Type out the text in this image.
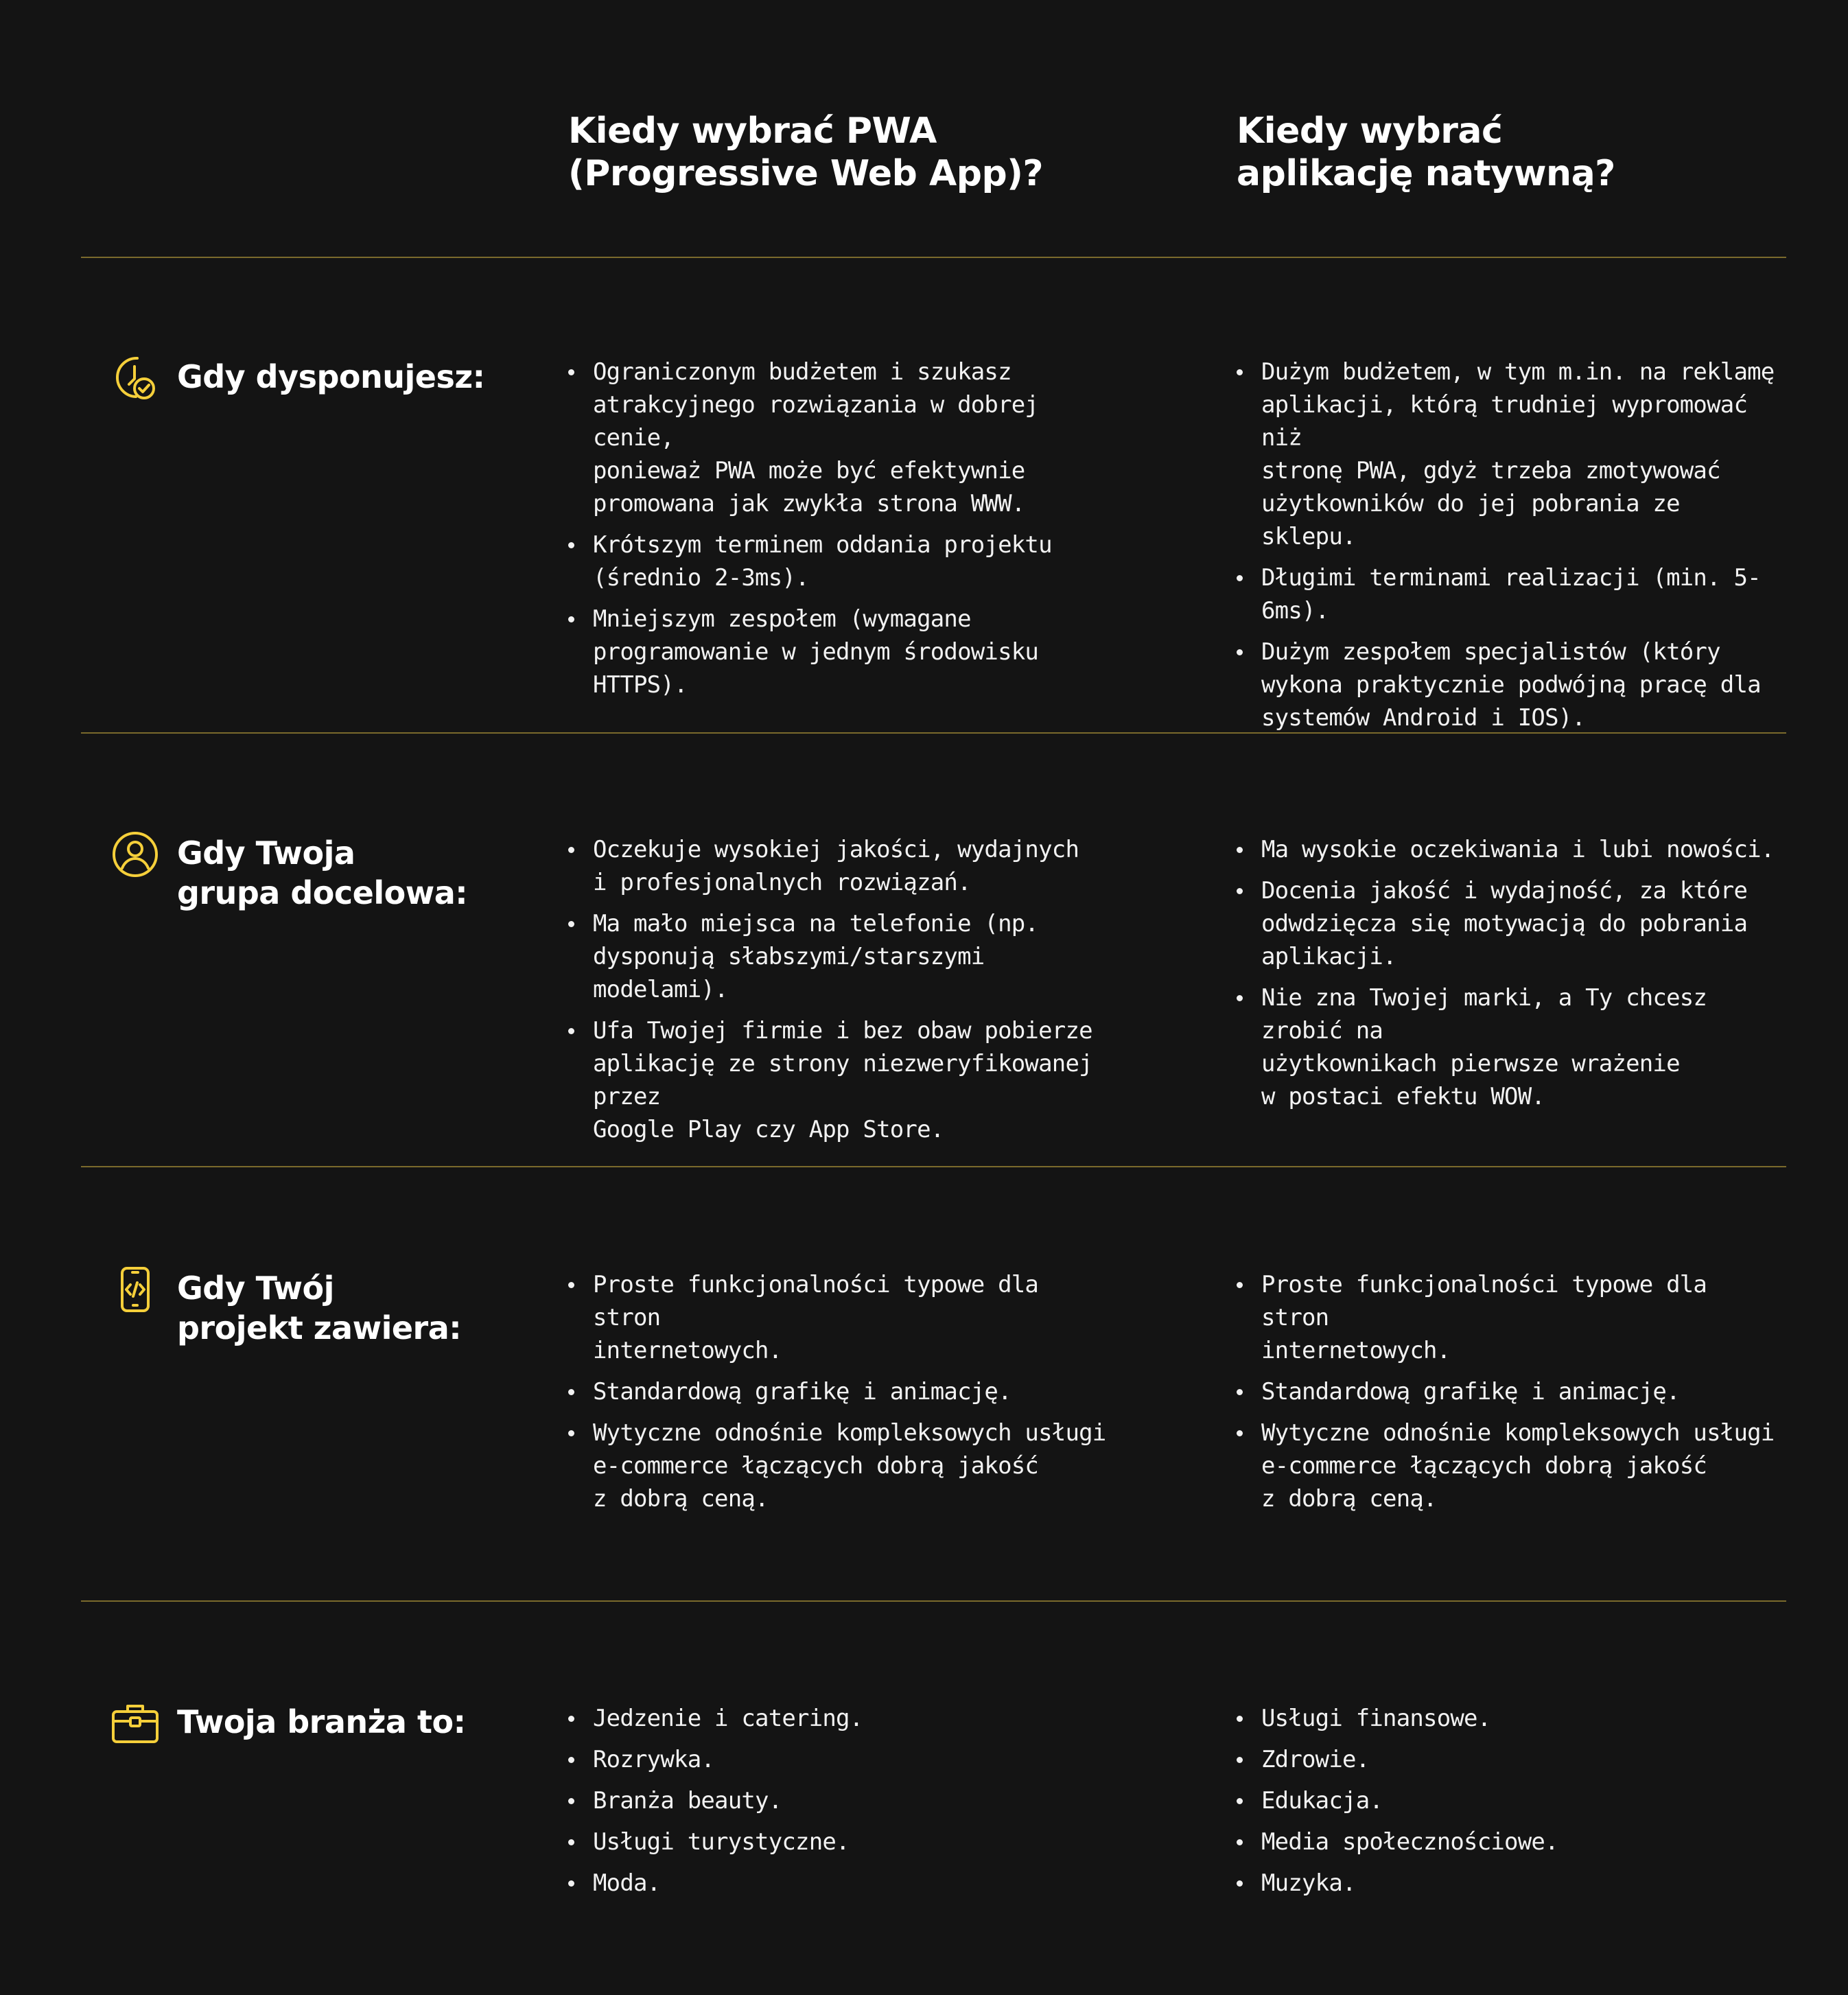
Kiedy wybrać PWA
(Progressive Web App)?
Kiedy wybrać
aplikację natywną?
Gdy dysponujesz:	Ograniczonym budżetem i szukasz
atrakcyjnego rozwiązania w dobrej cenie,
ponieważ PWA może być efektywnie
promowana jak zwykła strona WWW.
Krótszym terminem oddania projektu
(średnio 2-3ms).
Mniejszym zespołem (wymagane
programowanie w jednym środowisku
HTTPS).
Dużym budżetem, w tym m.in. na reklamę
aplikacji, którą trudniej wypromować niż
stronę PWA, gdyż trzeba zmotywować
użytkowników do jej pobrania ze sklepu.
Długimi terminami realizacji (min. 5-6ms).
Dużym zespołem specjalistów (który
wykona praktycznie podwójną pracę dla
systemów Android i IOS).
Gdy Twoja
grupa docelowa:
Oczekuje wysokiej jakości, wydajnych
i profesjonalnych rozwiązań.
Ma mało miejsca na telefonie (np.
dysponują słabszymi/starszymi modelami).
Ufa Twojej firmie i bez obaw pobierze
aplikację ze strony niezweryfikowanej przez
Google Play czy App Store.
Ma wysokie oczekiwania i lubi nowości.
Docenia jakość i wydajność, za które
odwdzięcza się motywacją do pobrania
aplikacji.
Nie zna Twojej marki, a Ty chcesz zrobić na
użytkownikach pierwsze wrażenie
w postaci efektu WOW.
Gdy Twój
projekt zawiera:
Proste funkcjonalności typowe dla stron
internetowych.
Standardową grafikę i animację.
Wytyczne odnośnie kompleksowych usługi
e-commerce łączących dobrą jakość
z dobrą ceną.
Proste funkcjonalności typowe dla stron
internetowych.
Standardową grafikę i animację.
Wytyczne odnośnie kompleksowych usługi
e-commerce łączących dobrą jakość
z dobrą ceną.
Twoja branża to:	Jedzenie i catering.
Rozrywka.
Branża beauty.
Usługi turystyczne.
Moda.
Usługi finansowe.
Zdrowie.
Edukacja.
Media społecznościowe.
Muzyka.
